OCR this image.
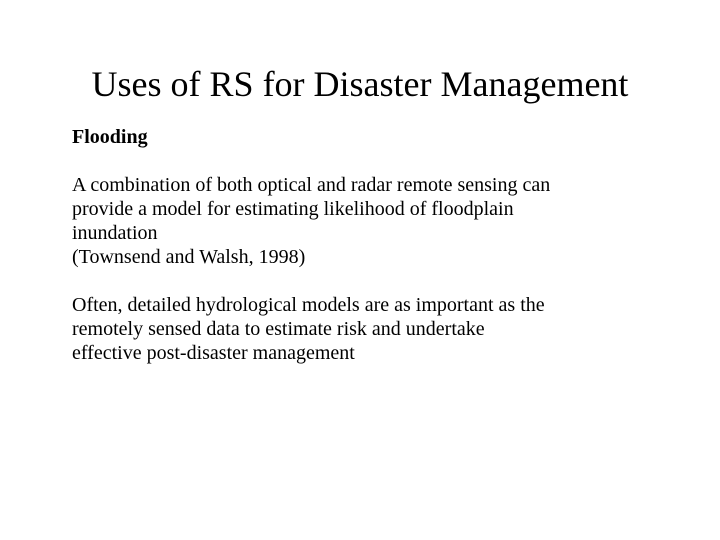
Uses of RS for Disaster Management

Flooding

A combination of both optical and radar remote sensing can
provide a model for estimating likelihood of floodplain
inundation
(Townsend and Walsh, 1998)
Often, detailed hydrological models are as important as the
remotely sensed data to estimate risk and undertake
effective post-disaster management
